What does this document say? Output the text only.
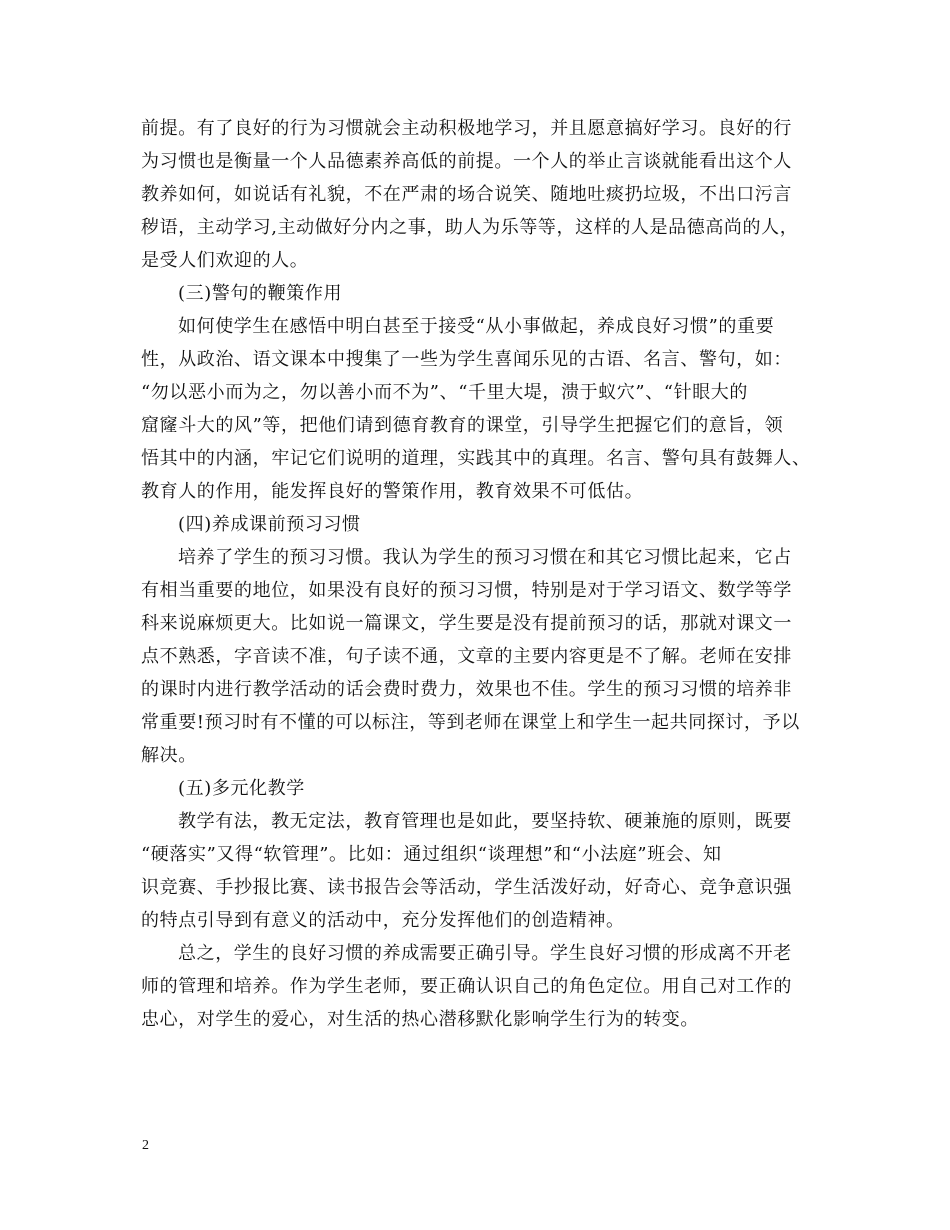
前提。有了良好的行为习惯就会主动积极地学习，并且愿意搞好学习。良好的行
为习惯也是衡量一个人品德素养高低的前提。一个人的举止言谈就能看出这个人
教养如何，如说话有礼貌，不在严肃的场合说笑、随地吐痰扔垃圾，不出口污言
秽语，主动学习,主动做好分内之事，助人为乐等等，这样的人是品德高尚的人，
是受人们欢迎的人。
(三)警句的鞭策作用
如何使学生在感悟中明白甚至于接受“从小事做起，养成良好习惯”的重要
性，从政治、语文课本中搜集了一些为学生喜闻乐见的古语、名言、警句，如：
“勿以恶小而为之，勿以善小而不为”、“千里大堤，溃于蚁穴”、“针眼大的
窟窿斗大的风”等，把他们请到德育教育的课堂，引导学生把握它们的意旨，领
悟其中的内涵，牢记它们说明的道理，实践其中的真理。名言、警句具有鼓舞人、
教育人的作用，能发挥良好的警策作用，教育效果不可低估。
(四)养成课前预习习惯
培养了学生的预习习惯。我认为学生的预习习惯在和其它习惯比起来，它占
有相当重要的地位，如果没有良好的预习习惯，特别是对于学习语文、数学等学
科来说麻烦更大。比如说一篇课文，学生要是没有提前预习的话，那就对课文一
点不熟悉，字音读不准，句子读不通，文章的主要内容更是不了解。老师在安排
的课时内进行教学活动的话会费时费力，效果也不佳。学生的预习习惯的培养非
常重要!预习时有不懂的可以标注，等到老师在课堂上和学生一起共同探讨，予以
解决。
(五)多元化教学
教学有法，教无定法，教育管理也是如此，要坚持软、硬兼施的原则，既要
“硬落实”又得“软管理”。比如：通过组织“谈理想”和“小法庭”班会、知
识竞赛、手抄报比赛、读书报告会等活动，学生活泼好动，好奇心、竞争意识强
的特点引导到有意义的活动中，充分发挥他们的创造精神。
总之，学生的良好习惯的养成需要正确引导。学生良好习惯的形成离不开老
师的管理和培养。作为学生老师，要正确认识自己的角色定位。用自己对工作的
忠心，对学生的爱心，对生活的热心潜移默化影响学生行为的转变。
2
